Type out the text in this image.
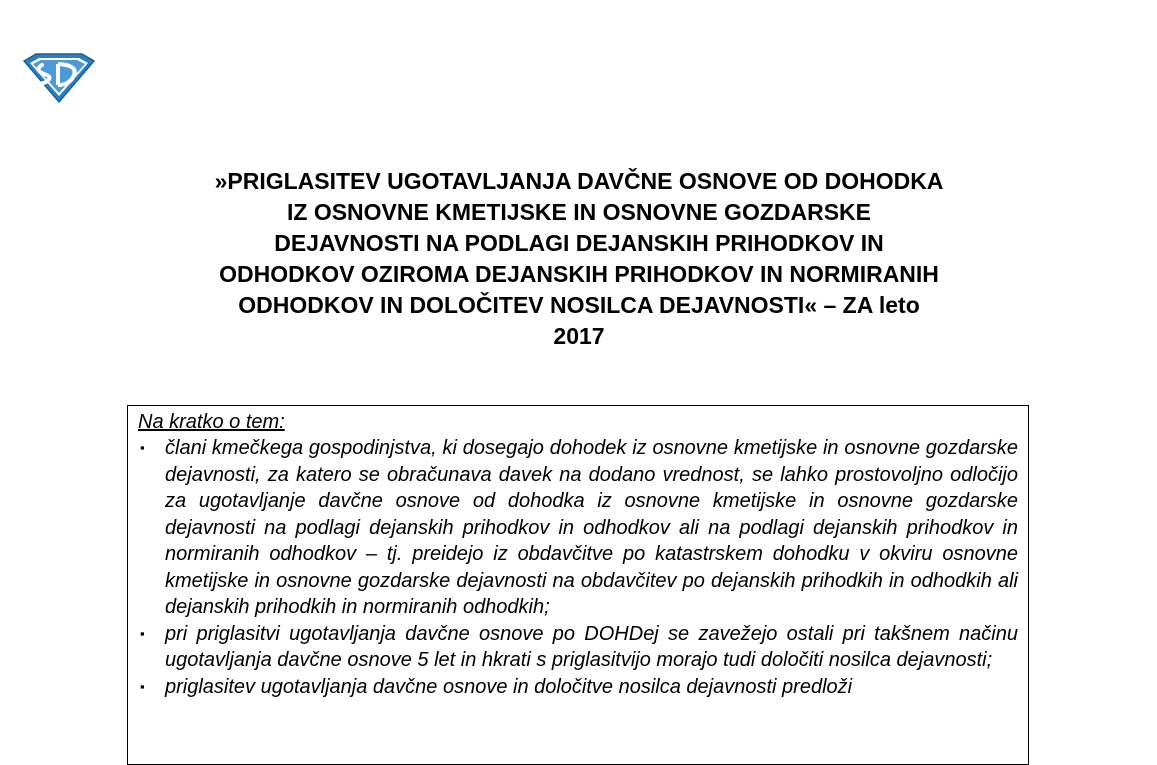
»PRIGLASITEV UGOTAVLJANJA DAVČNE OSNOVE OD DOHODKA
IZ OSNOVNE KMETIJSKE IN OSNOVNE GOZDARSKE
DEJAVNOSTI NA PODLAGI DEJANSKIH PRIHODKOV IN
ODHODKOV OZIROMA DEJANSKIH PRIHODKOV IN NORMIRANIH
ODHODKOV IN DOLOČITEV NOSILCA DEJAVNOSTI« – ZA leto
2017

Na kratko o tem:

▪ člani kmečkega gospodinjstva, ki dosegajo dohodek iz osnovne kmetijske in osnovne gozdarske dejavnosti, za katero se obračunava davek na dodano vrednost, se lahko prostovoljno odločijo za ugotavljanje davčne osnove od dohodka iz osnovne kmetijske in osnovne gozdarske dejavnosti na podlagi dejanskih prihodkov in odhodkov ali na podlagi dejanskih prihodkov in normiranih odhodkov – tj. preidejo iz obdavčitve po katastrskem dohodku v okviru osnovne kmetijske in osnovne gozdarske dejavnosti na obdavčitev po dejanskih prihodkih in odhodkih ali dejanskih prihodkih in normiranih odhodkih;
▪ pri priglasitvi ugotavljanja davčne osnove po DOHDej se zavežejo ostali pri takšnem načinu ugotavljanja davčne osnove 5 let in hkrati s priglasitvijo morajo tudi določiti nosilca dejavnosti;
▪ priglasitev ugotavljanja davčne osnove in določitve nosilca dejavnosti predloži
